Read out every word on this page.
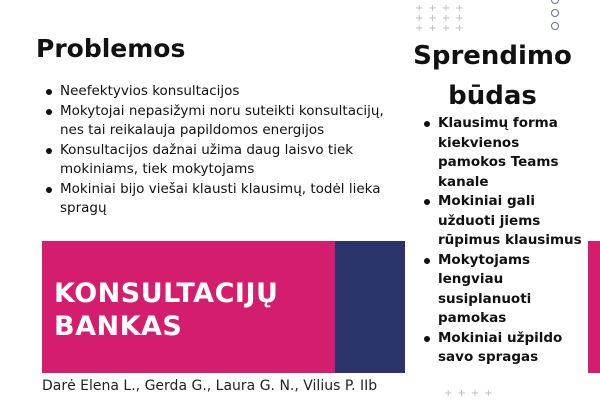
++++
++++
++++
Problemos
Neefektyvios konsultacijos
Mokytojai nepasižymi noru suteikti konsultacijų, nes tai reikalauja papildomos energijos
Konsultacijos dažnai užima daug laisvo tiek mokiniams, tiek mokytojams
Mokiniai bijo viešai klausti klausimų, todėl lieka spragų
Sprendimo
būdas
Klausimų forma kiekvienos pamokos Teams kanale
Mokiniai gali užduoti jiems rūpimus klausimus
Mokytojams lengviau susiplanuoti pamokas
Mokiniai užpildo savo spragas
KONSULTACIJŲ
BANKAS
Darė Elena L., Gerda G., Laura G. N., Vilius P. IIb	++++
